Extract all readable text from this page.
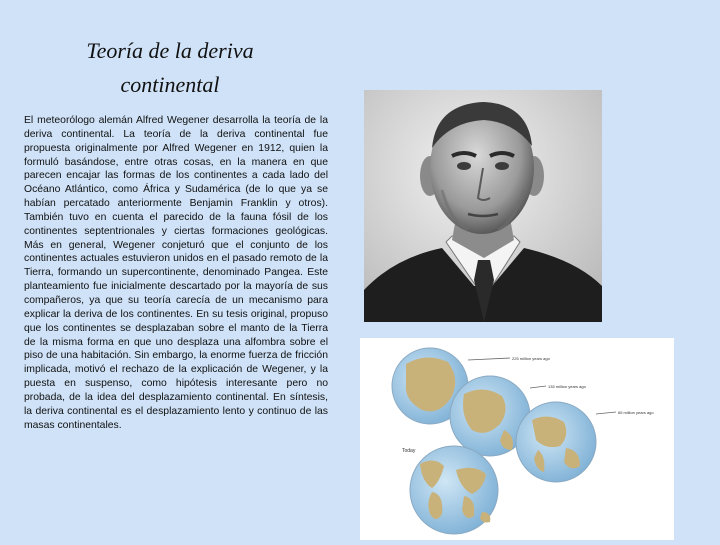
Teoría de la deriva
continental

El meteorólogo alemán Alfred Wegener desarrolla la teoría de la deriva continental. La teoría de la deriva continental fue propuesta originalmente por Alfred Wegener en 1912, quien la formuló basándose, entre otras cosas, en la manera en que parecen encajar las formas de los continentes a cada lado del Océano Atlántico, como África y Sudamérica (de lo que ya se habían percatado anteriormente Benjamin Franklin y otros). También tuvo en cuenta el parecido de la fauna fósil de los continentes septentrionales y ciertas formaciones geológicas. Más en general, Wegener conjeturó que el conjunto de los continentes actuales estuvieron unidos en el pasado remoto de la Tierra, formando un supercontinente, denominado Pangea. Este planteamiento fue inicialmente descartado por la mayoría de sus compañeros, ya que su teoría carecía de un mecanismo para explicar la deriva de los continentes. En su tesis original, propuso que los continentes se desplazaban sobre el manto de la Tierra de la misma forma en que uno desplaza una alfombra sobre el piso de una habitación. Sin embargo, la enorme fuerza de fricción implicada, motivó el rechazo de la explicación de Wegener, y la puesta en suspenso, como hipótesis interesante pero no probada, de la idea del desplazamiento continental. En síntesis, la deriva continental es el desplazamiento lento y continuo de las masas continentales.

225 million years ago
135 million years ago
65 million years ago
Today
